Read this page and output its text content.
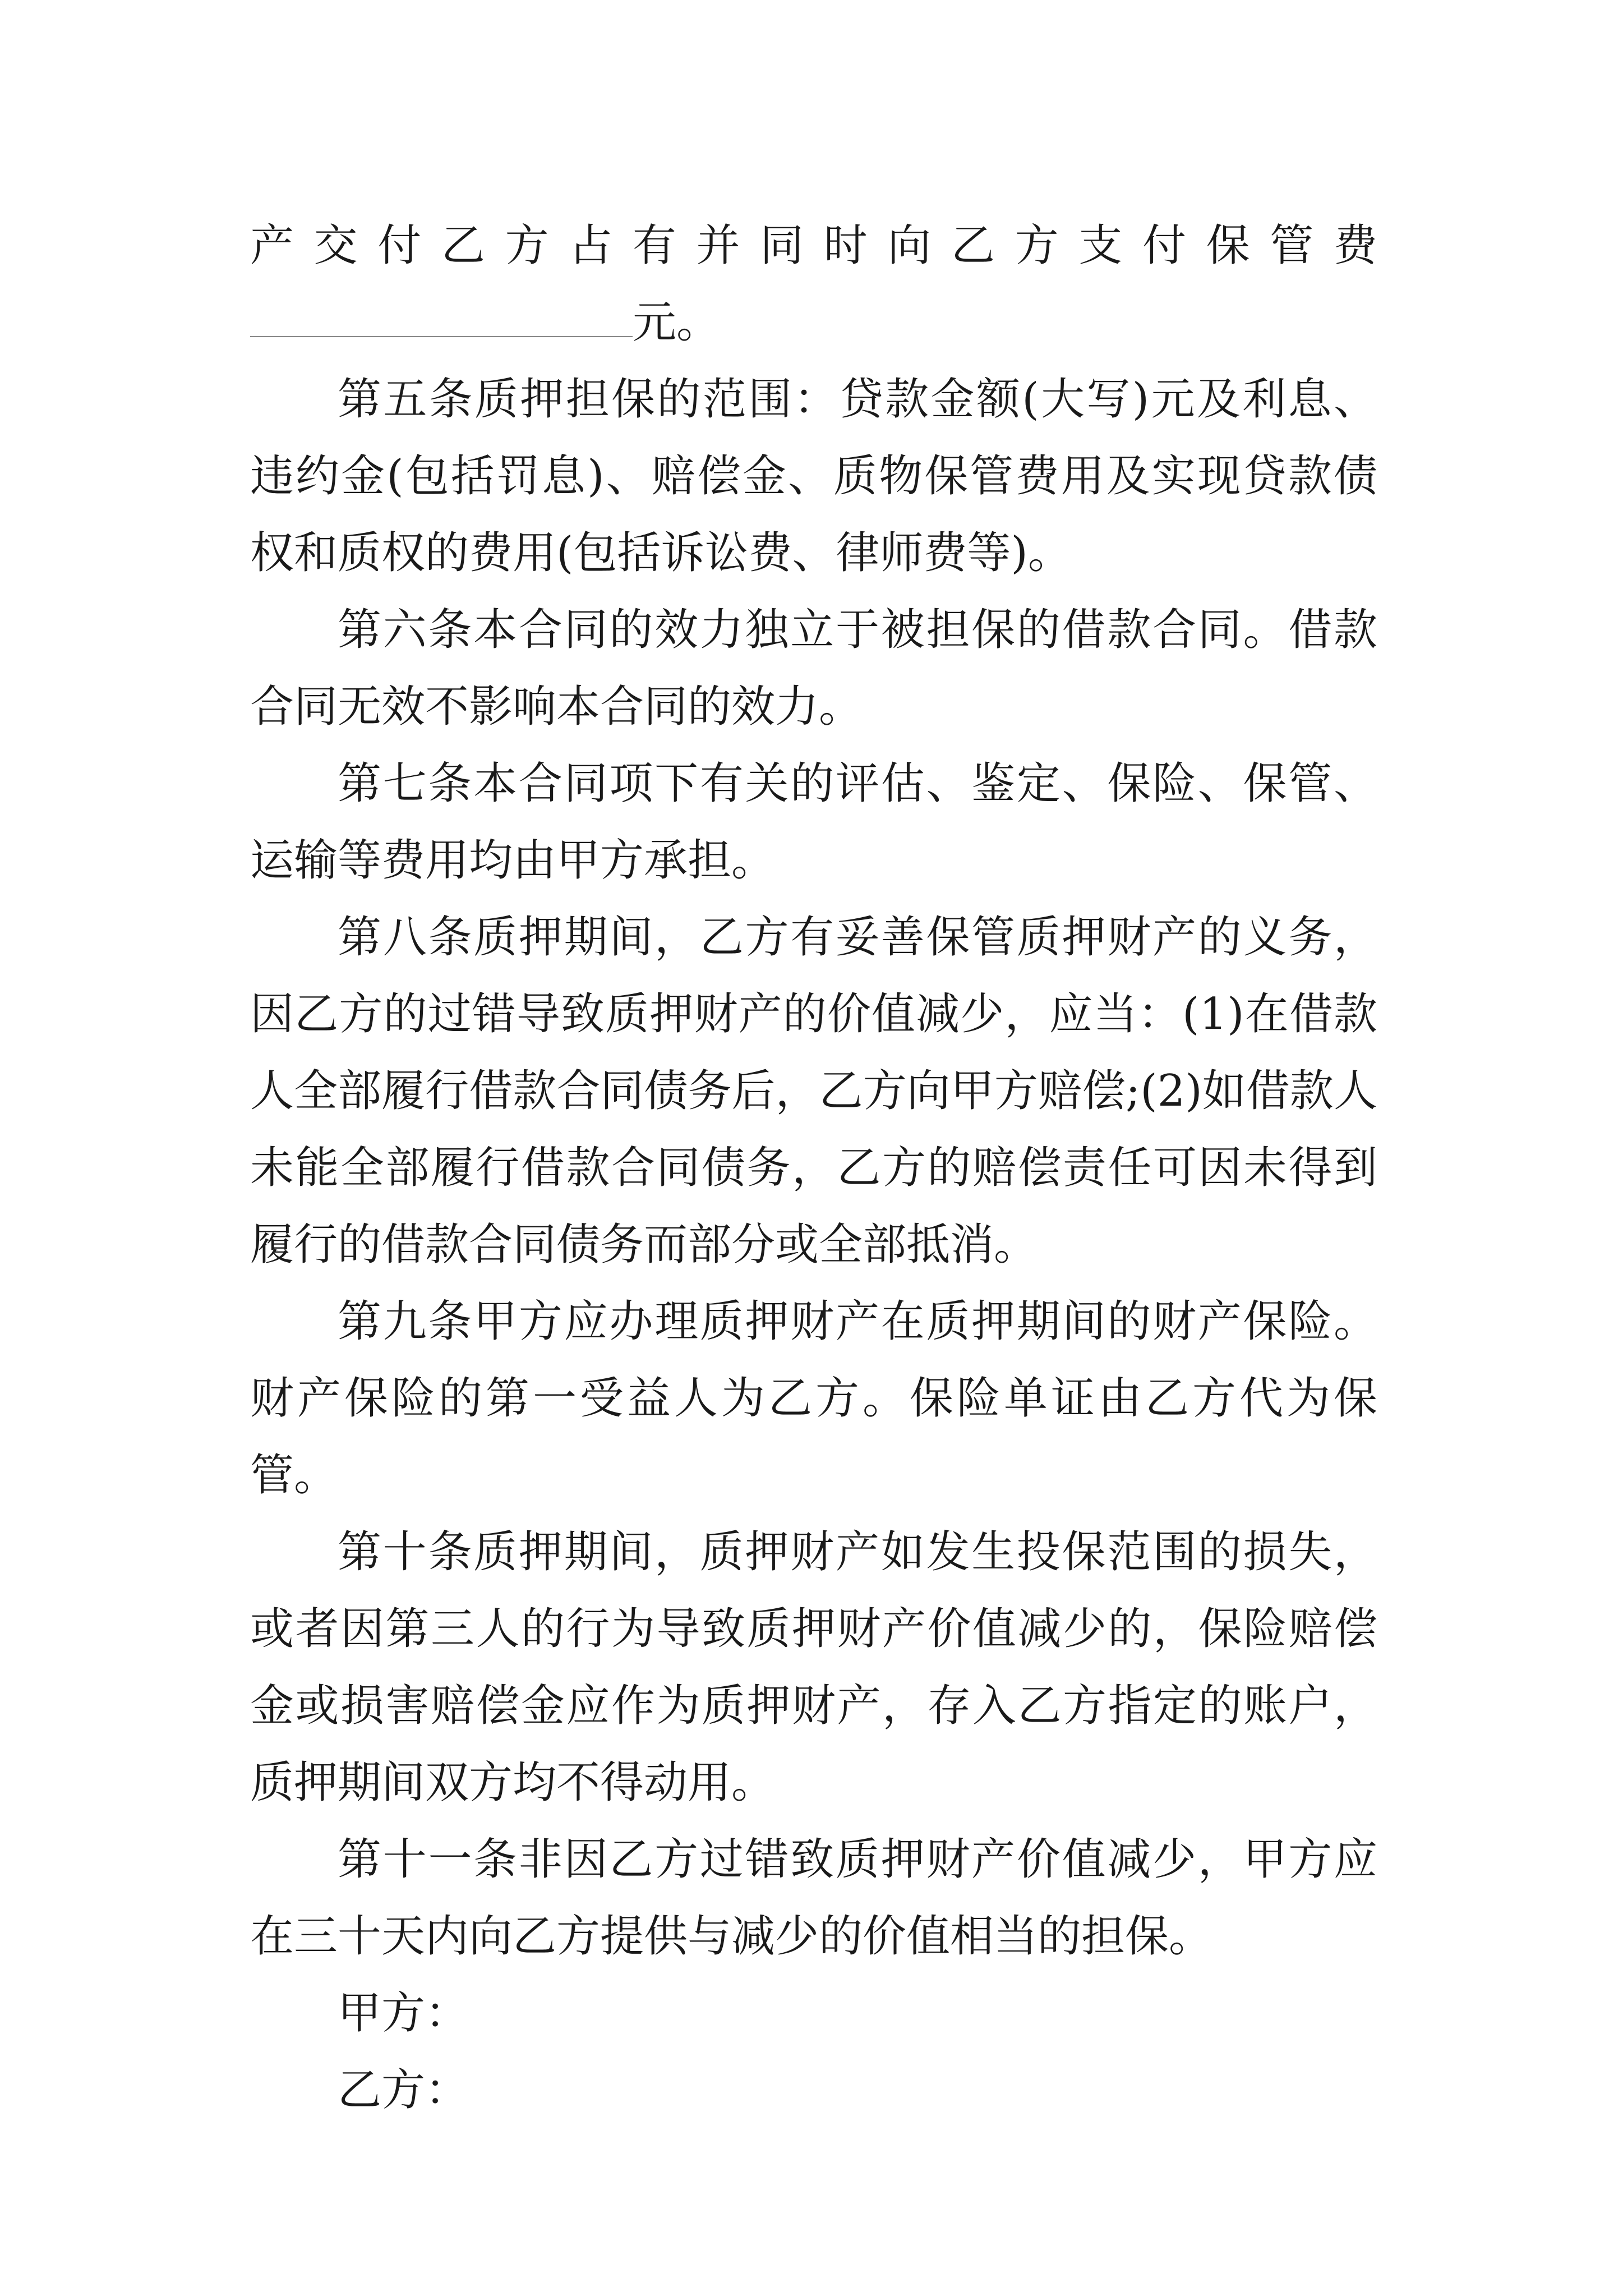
产 交 付 乙 方 占 有 并 同 时 向 乙 方 支 付 保 管 费

元。

第五条质押担保的范围：贷款金额(大写)元及利息、违约金(包括罚息)、赔偿金、质物保管费用及实现贷款债权和质权的费用(包括诉讼费、律师费等)。

第六条本合同的效力独立于被担保的借款合同。借款合同无效不影响本合同的效力。

第七条本合同项下有关的评估、鉴定、保险、保管、运输等费用均由甲方承担。

第八条质押期间，乙方有妥善保管质押财产的义务，因乙方的过错导致质押财产的价值减少，应当：(1)在借款人全部履行借款合同债务后，乙方向甲方赔偿;(2)如借款人未能全部履行借款合同债务，乙方的赔偿责任可因未得到履行的借款合同债务而部分或全部抵消。

第九条甲方应办理质押财产在质押期间的财产保险。财产保险的第一受益人为乙方。保险单证由乙方代为保管。

第十条质押期间，质押财产如发生投保范围的损失，或者因第三人的行为导致质押财产价值减少的，保险赔偿金或损害赔偿金应作为质押财产，存入乙方指定的账户，质押期间双方均不得动用。

第十一条非因乙方过错致质押财产价值减少，甲方应在三十天内向乙方提供与减少的价值相当的担保。

甲方：

乙方：
